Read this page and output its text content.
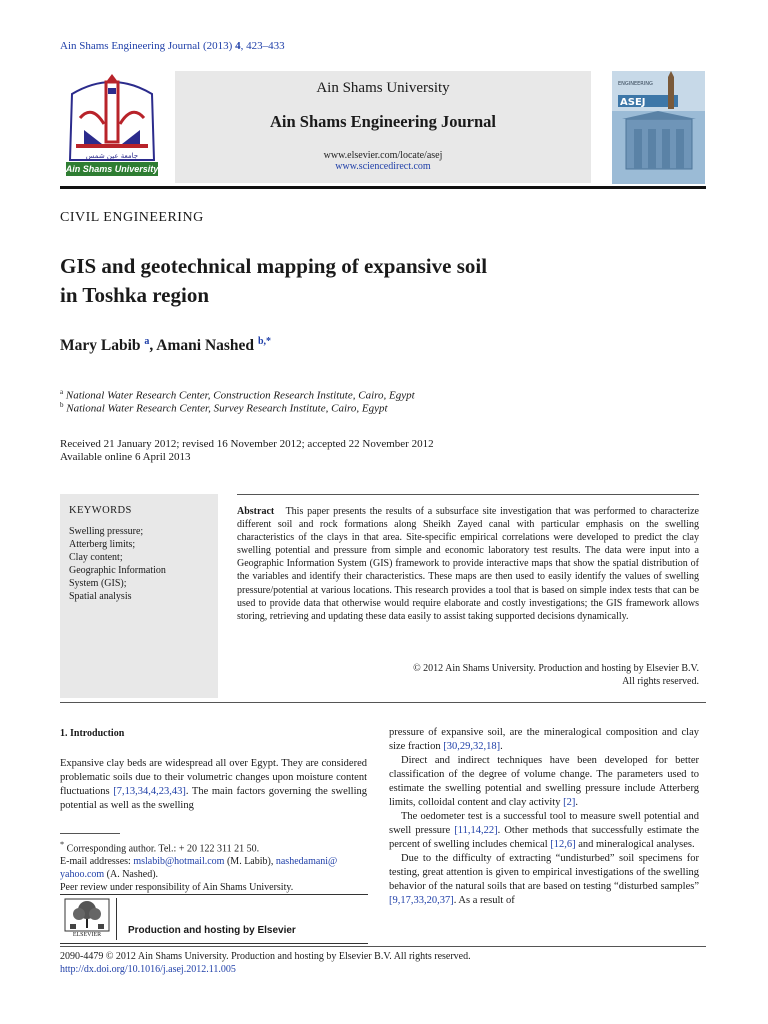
Ain Shams Engineering Journal (2013) 4, 423–433
جامعة عين شمس
Ain Shams University
Ain Shams University
Ain Shams Engineering Journal
www.elsevier.com/locate/asej
www.sciencedirect.com
ENGINEERING
ASEJ
CIVIL ENGINEERING
GIS and geotechnical mapping of expansive soil
in Toshka region
Mary Labib $^a$, Amani Nashed $^{b,*}$
$^a$ National Water Research Center, Construction Research Institute, Cairo, Egypt
$^b$ National Water Research Center, Survey Research Institute, Cairo, Egypt
Received 21 January 2012; revised 16 November 2012; accepted 22 November 2012
Available online 6 April 2013
KEYWORDS
Swelling pressure;
Atterberg limits;
Clay content;
Geographic Information
System (GIS);
Spatial analysis
Abstract This paper presents the results of a subsurface site investigation that was performed to characterize different soil and rock formations along Sheikh Zayed canal with particular emphasis on the swelling characteristics of the clays in that area. Site-specific empirical correlations were developed to predict the clay swelling potential and pressure from simple and economic laboratory test results. The data were input into a Geographic Information System (GIS) framework to provide interactive maps that show the spatial distribution of the variables and identify their characteristics. These maps are then used to easily identify the values of swelling pressure/potential at various locations. This research provides a tool that is based on simple index tests that can be used to provide data that otherwise would require elaborate and costly investigations; the GIS framework allows storing, retrieving and updating these data easily to assist taking supported decisions dynamically.
© 2012 Ain Shams University. Production and hosting by Elsevier B.V.
All rights reserved.
1. Introduction
Expansive clay beds are widespread all over Egypt. They are considered problematic soils due to their volumetric changes upon moisture content fluctuations [7,13,34,4,23,43]. The main factors governing the swelling potential as well as the swelling

pressure of expansive soil, are the mineralogical composition and clay size fraction [30,29,32,18].

Direct and indirect techniques have been developed for better classification of the degree of volume change. The parameters used to estimate the swelling potential and swelling pressure include Atterberg limits, colloidal content and clay activity [2].

The oedometer test is a successful tool to measure swell potential and swell pressure [11,14,22]. Other methods that successfully estimate the percent of swelling includes chemical [12,6] and mineralogical analyses.

Due to the difficulty of extracting “undisturbed” soil specimens for testing, great attention is given to empirical investigations of the swelling behavior of the natural soils that are based on testing “disturbed samples” [9,17,33,20,37]. As a result of

* Corresponding author. Tel.: + 20 122 311 21 50.
E-mail addresses: mslabib@hotmail.com (M. Labib), nashedamani@
yahoo.com (A. Nashed).
Peer review under responsibility of Ain Shams University.
ELSEVIER	Production and hosting by Elsevier
2090-4479 © 2012 Ain Shams University. Production and hosting by Elsevier B.V. All rights reserved.
http://dx.doi.org/10.1016/j.asej.2012.11.005
